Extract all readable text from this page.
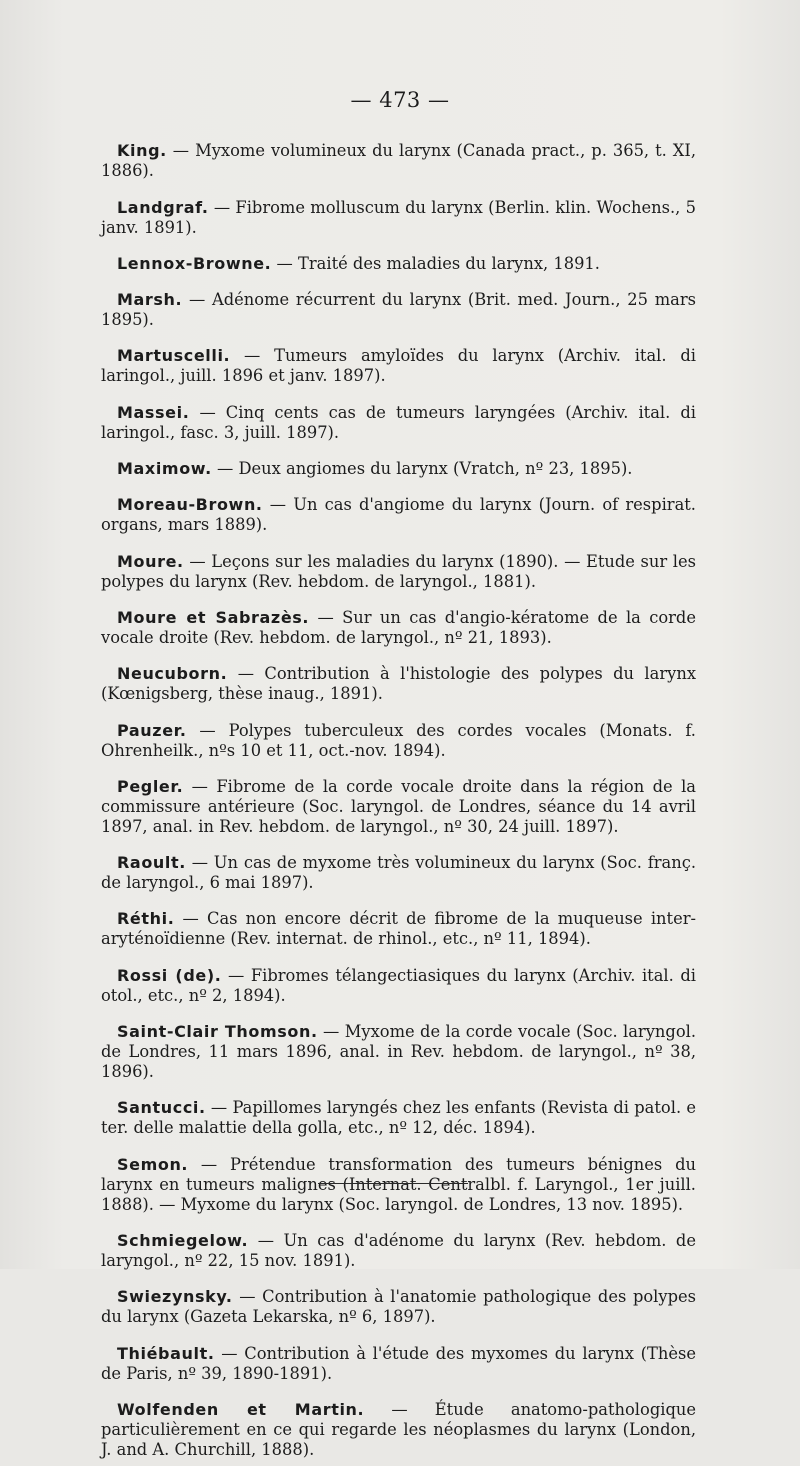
— 473 —

King. — Myxome volumineux du larynx (Canada pract., p. 365, t. XI, 1886).

Landgraf. — Fibrome molluscum du larynx (Berlin. klin. Wochens., 5 janv. 1891).

Lennox-Browne. — Traité des maladies du larynx, 1891.

Marsh. — Adénome récurrent du larynx (Brit. med. Journ., 25 mars 1895).

Martuscelli. — Tumeurs amyloïdes du larynx (Archiv. ital. di laringol., juill. 1896 et janv. 1897).

Massei. — Cinq cents cas de tumeurs laryngées (Archiv. ital. di laringol., fasc. 3, juill. 1897).

Maximow. — Deux angiomes du larynx (Vratch, nº 23, 1895).

Moreau-Brown. — Un cas d'angiome du larynx (Journ. of respirat. organs, mars 1889).

Moure. — Leçons sur les maladies du larynx (1890). — Etude sur les polypes du larynx (Rev. hebdom. de laryngol., 1881).

Moure et Sabrazès. — Sur un cas d'angio-kératome de la corde vocale droite (Rev. hebdom. de laryngol., nº 21, 1893).

Neucuborn. — Contribution à l'histologie des polypes du larynx (Kœnigsberg, thèse inaug., 1891).

Pauzer. — Polypes tuberculeux des cordes vocales (Monats. f. Ohrenheilk., nºs 10 et 11, oct.-nov. 1894).

Pegler. — Fibrome de la corde vocale droite dans la région de la commissure antérieure (Soc. laryngol. de Londres, séance du 14 avril 1897, anal. in Rev. hebdom. de laryngol., nº 30, 24 juill. 1897).

Raoult. — Un cas de myxome très volumineux du larynx (Soc. franç. de laryngol., 6 mai 1897).

Réthi. — Cas non encore décrit de fibrome de la muqueuse inter-aryténoïdienne (Rev. internat. de rhinol., etc., nº 11, 1894).

Rossi (de). — Fibromes télangectiasiques du larynx (Archiv. ital. di otol., etc., nº 2, 1894).

Saint-Clair Thomson. — Myxome de la corde vocale (Soc. laryngol. de Londres, 11 mars 1896, anal. in Rev. hebdom. de laryngol., nº 38, 1896).

Santucci. — Papillomes laryngés chez les enfants (Revista di patol. e ter. delle malattie della golla, etc., nº 12, déc. 1894).

Semon. — Prétendue transformation des tumeurs bénignes du larynx en tumeurs malignes (Internat. Centralbl. f. Laryngol., 1er juill. 1888). — Myxome du larynx (Soc. laryngol. de Londres, 13 nov. 1895).

Schmiegelow. — Un cas d'adénome du larynx (Rev. hebdom. de laryngol., nº 22, 15 nov. 1891).

Swiezynsky. — Contribution à l'anatomie pathologique des polypes du larynx (Gazeta Lekarska, nº 6, 1897).

Thiébault. — Contribution à l'étude des myxomes du larynx (Thèse de Paris, nº 39, 1890-1891).

Wolfenden et Martin. — Étude anatomo-pathologique particulièrement en ce qui regarde les néoplasmes du larynx (London, J. and A. Churchill, 1888).
